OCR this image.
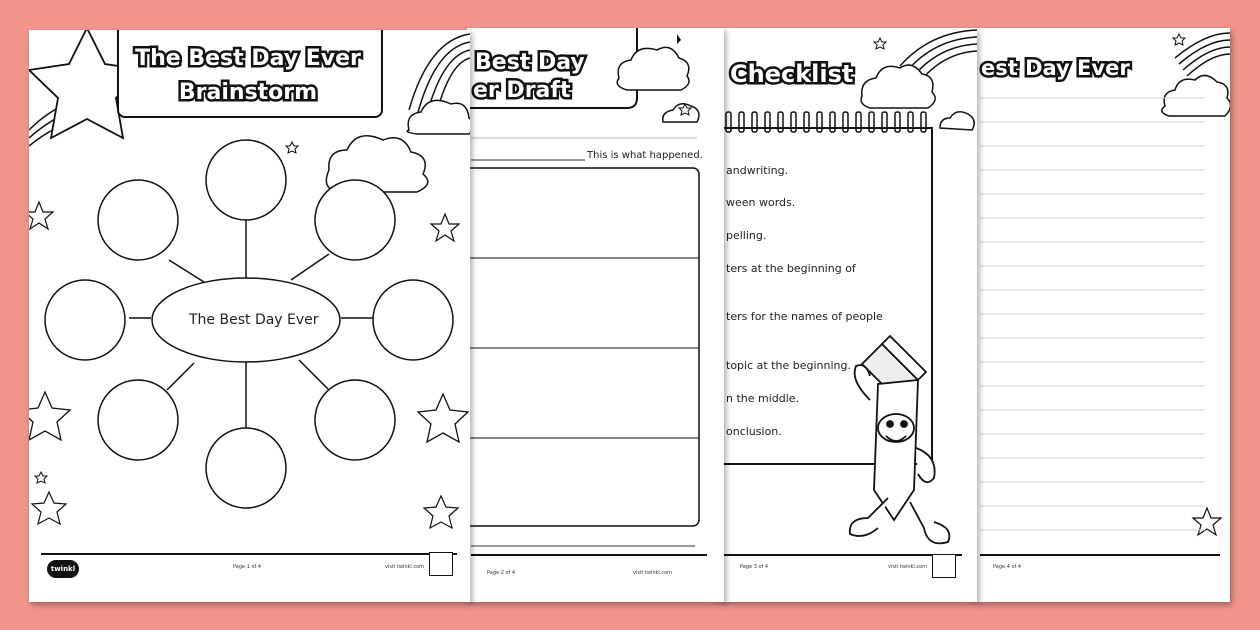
est Day Ever
Page 4 of 4
Checklist
andwriting.
ween words.
pelling.
ters at the beginning of
ters for the names of people
topic at the beginning.
n the middle.
onclusion.
Page 3 of 4	visit twinkl.com
Best Day
er Draft
This is what happened.
Page 2 of 4	visit twinkl.com
The Best Day Ever
Brainstorm
The Best Day Ever
twinkl	Page 1 of 4	visit twinkl.com
